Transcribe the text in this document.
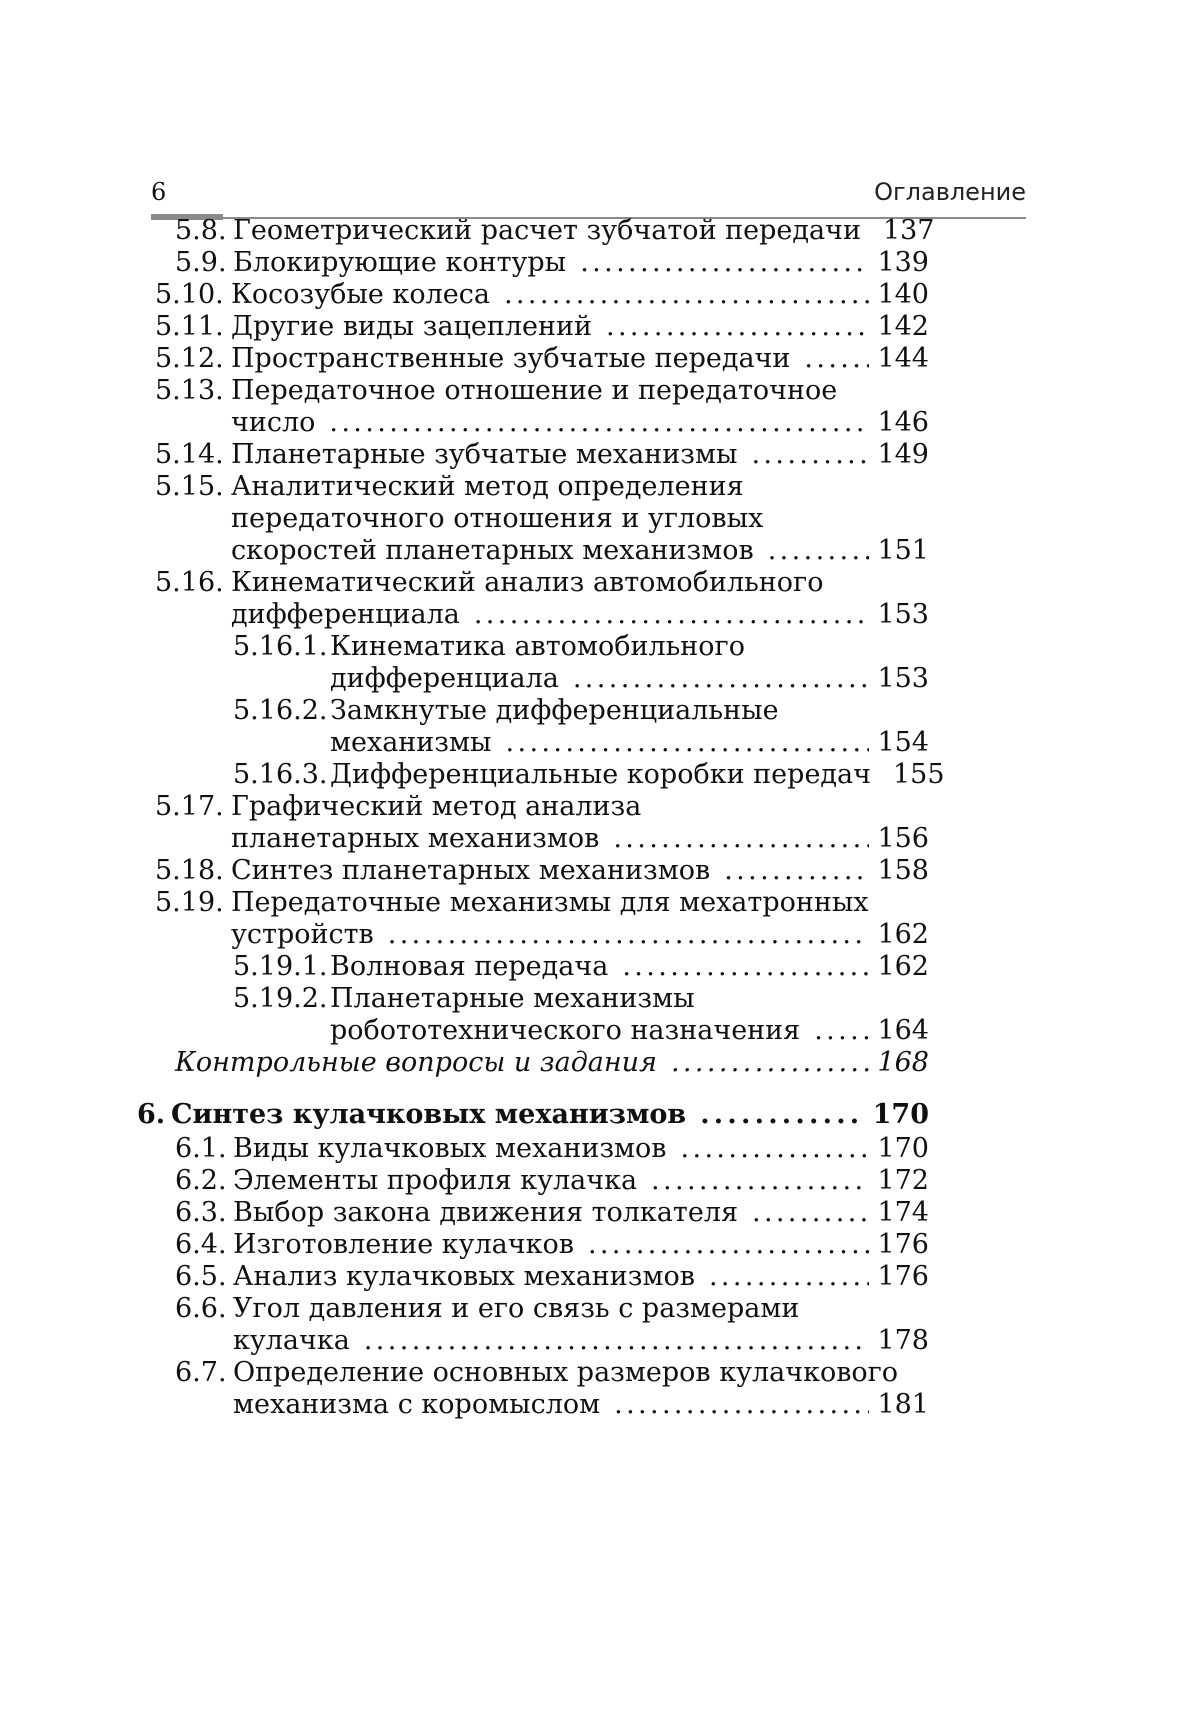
6	Оглавление
5.8. Геометрический расчет зубчатой передачи 137
5.9. Блокирующие контуры . . .	139
5.10. Косозубые колеса . . .	140
5.11. Другие виды зацеплений . . .	142
5.12. Пространственные зубчатые передачи . . .	144
5.13. Передаточное отношение и передаточное
число . . .	146
5.14. Планетарные зубчатые механизмы . . .	149
5.15. Аналитический метод определения
передаточного отношения и угловых
скоростей планетарных механизмов . . .	151
5.16. Кинематический анализ автомобильного
дифференциала . . .	153
5.16.1. Кинематика автомобильного
дифференциала . . .	153
5.16.2. Замкнутые дифференциальные
механизмы . . .	154
5.16.3. Дифференциальные коробки передач 155
5.17. Графический метод анализа
планетарных механизмов . . .	156
5.18. Синтез планетарных механизмов . . .	158
5.19. Передаточные механизмы для мехатронных
устройств . . .	162
5.19.1. Волновая передача . . .	162
5.19.2. Планетарные механизмы
робототехнического назначения . . .	164
Контрольные вопросы и задания . . .	168
6. Синтез кулачковых механизмов . . .	170
6.1. Виды кулачковых механизмов . . .	170
6.2. Элементы профиля кулачка . . .	172
6.3. Выбор закона движения толкателя . . .	174
6.4. Изготовление кулачков . . .	176
6.5. Анализ кулачковых механизмов . . .	176
6.6. Угол давления и его связь с размерами
кулачка . . .	178
6.7. Определение основных размеров кулачкового
механизма с коромыслом . . .	181
